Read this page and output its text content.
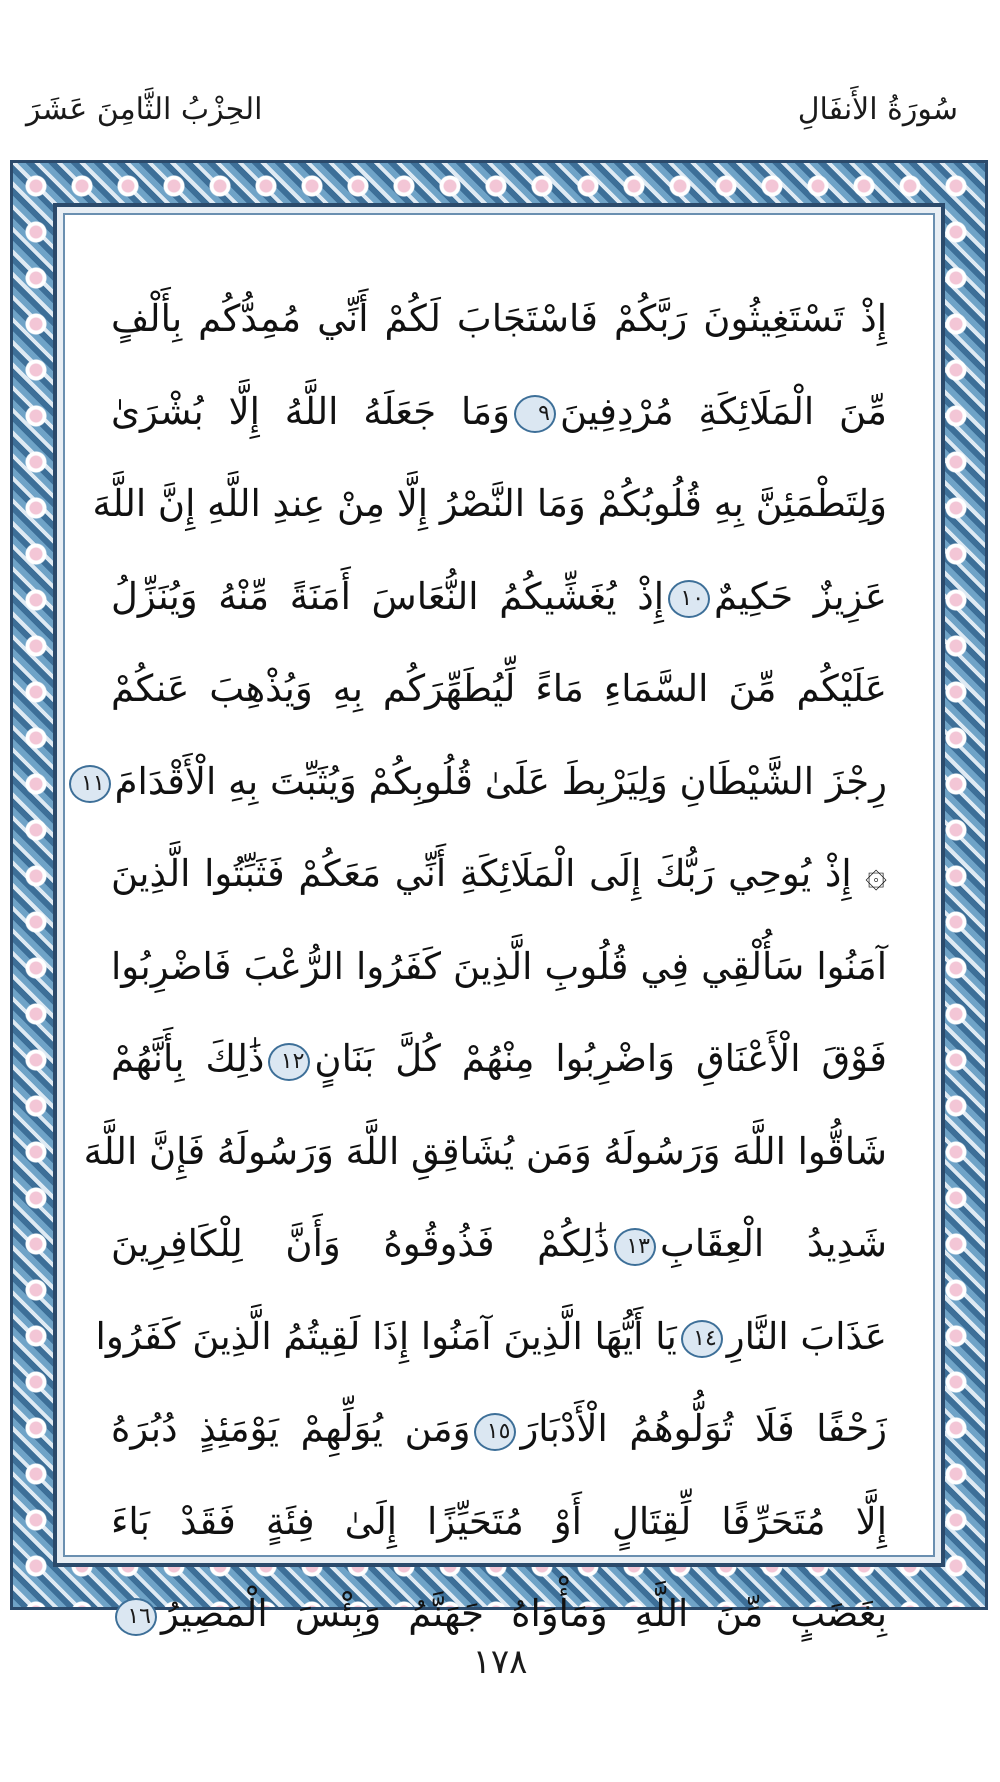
الحِزْبُ الثَّامِنَ عَشَرَ	سُورَةُ الأَنفَالِ
إِذْ تَسْتَغِيثُونَ رَبَّكُمْ فَاسْتَجَابَ لَكُمْ أَنِّي مُمِدُّكُم بِأَلْفٍ
مِّنَ الْمَلَائِكَةِ مُرْدِفِينَ٩وَمَا جَعَلَهُ اللَّهُ إِلَّا بُشْرَىٰ
وَلِتَطْمَئِنَّ بِهِ قُلُوبُكُمْ وَمَا النَّصْرُ إِلَّا مِنْ عِندِ اللَّهِ إِنَّ اللَّهَ
عَزِيزٌ حَكِيمٌ١٠إِذْ يُغَشِّيكُمُ النُّعَاسَ أَمَنَةً مِّنْهُ وَيُنَزِّلُ
عَلَيْكُم مِّنَ السَّمَاءِ مَاءً لِّيُطَهِّرَكُم بِهِ وَيُذْهِبَ عَنكُمْ
رِجْزَ الشَّيْطَانِ وَلِيَرْبِطَ عَلَىٰ قُلُوبِكُمْ وَيُثَبِّتَ بِهِ الْأَقْدَامَ١١
۞ إِذْ يُوحِي رَبُّكَ إِلَى الْمَلَائِكَةِ أَنِّي مَعَكُمْ فَثَبِّتُوا الَّذِينَ
آمَنُوا سَأُلْقِي فِي قُلُوبِ الَّذِينَ كَفَرُوا الرُّعْبَ فَاضْرِبُوا
فَوْقَ الْأَعْنَاقِ وَاضْرِبُوا مِنْهُمْ كُلَّ بَنَانٍ١٢ذَٰلِكَ بِأَنَّهُمْ
شَاقُّوا اللَّهَ وَرَسُولَهُ وَمَن يُشَاقِقِ اللَّهَ وَرَسُولَهُ فَإِنَّ اللَّهَ
شَدِيدُ الْعِقَابِ١٣ذَٰلِكُمْ فَذُوقُوهُ وَأَنَّ لِلْكَافِرِينَ
عَذَابَ النَّارِ١٤يَا أَيُّهَا الَّذِينَ آمَنُوا إِذَا لَقِيتُمُ الَّذِينَ كَفَرُوا
زَحْفًا فَلَا تُوَلُّوهُمُ الْأَدْبَارَ١٥وَمَن يُوَلِّهِمْ يَوْمَئِذٍ دُبُرَهُ
إِلَّا مُتَحَرِّفًا لِّقِتَالٍ أَوْ مُتَحَيِّزًا إِلَىٰ فِئَةٍ فَقَدْ بَاءَ
بِغَضَبٍ مِّنَ اللَّهِ وَمَأْوَاهُ جَهَنَّمُ وَبِئْسَ الْمَصِيرُ١٦
١٧٨
